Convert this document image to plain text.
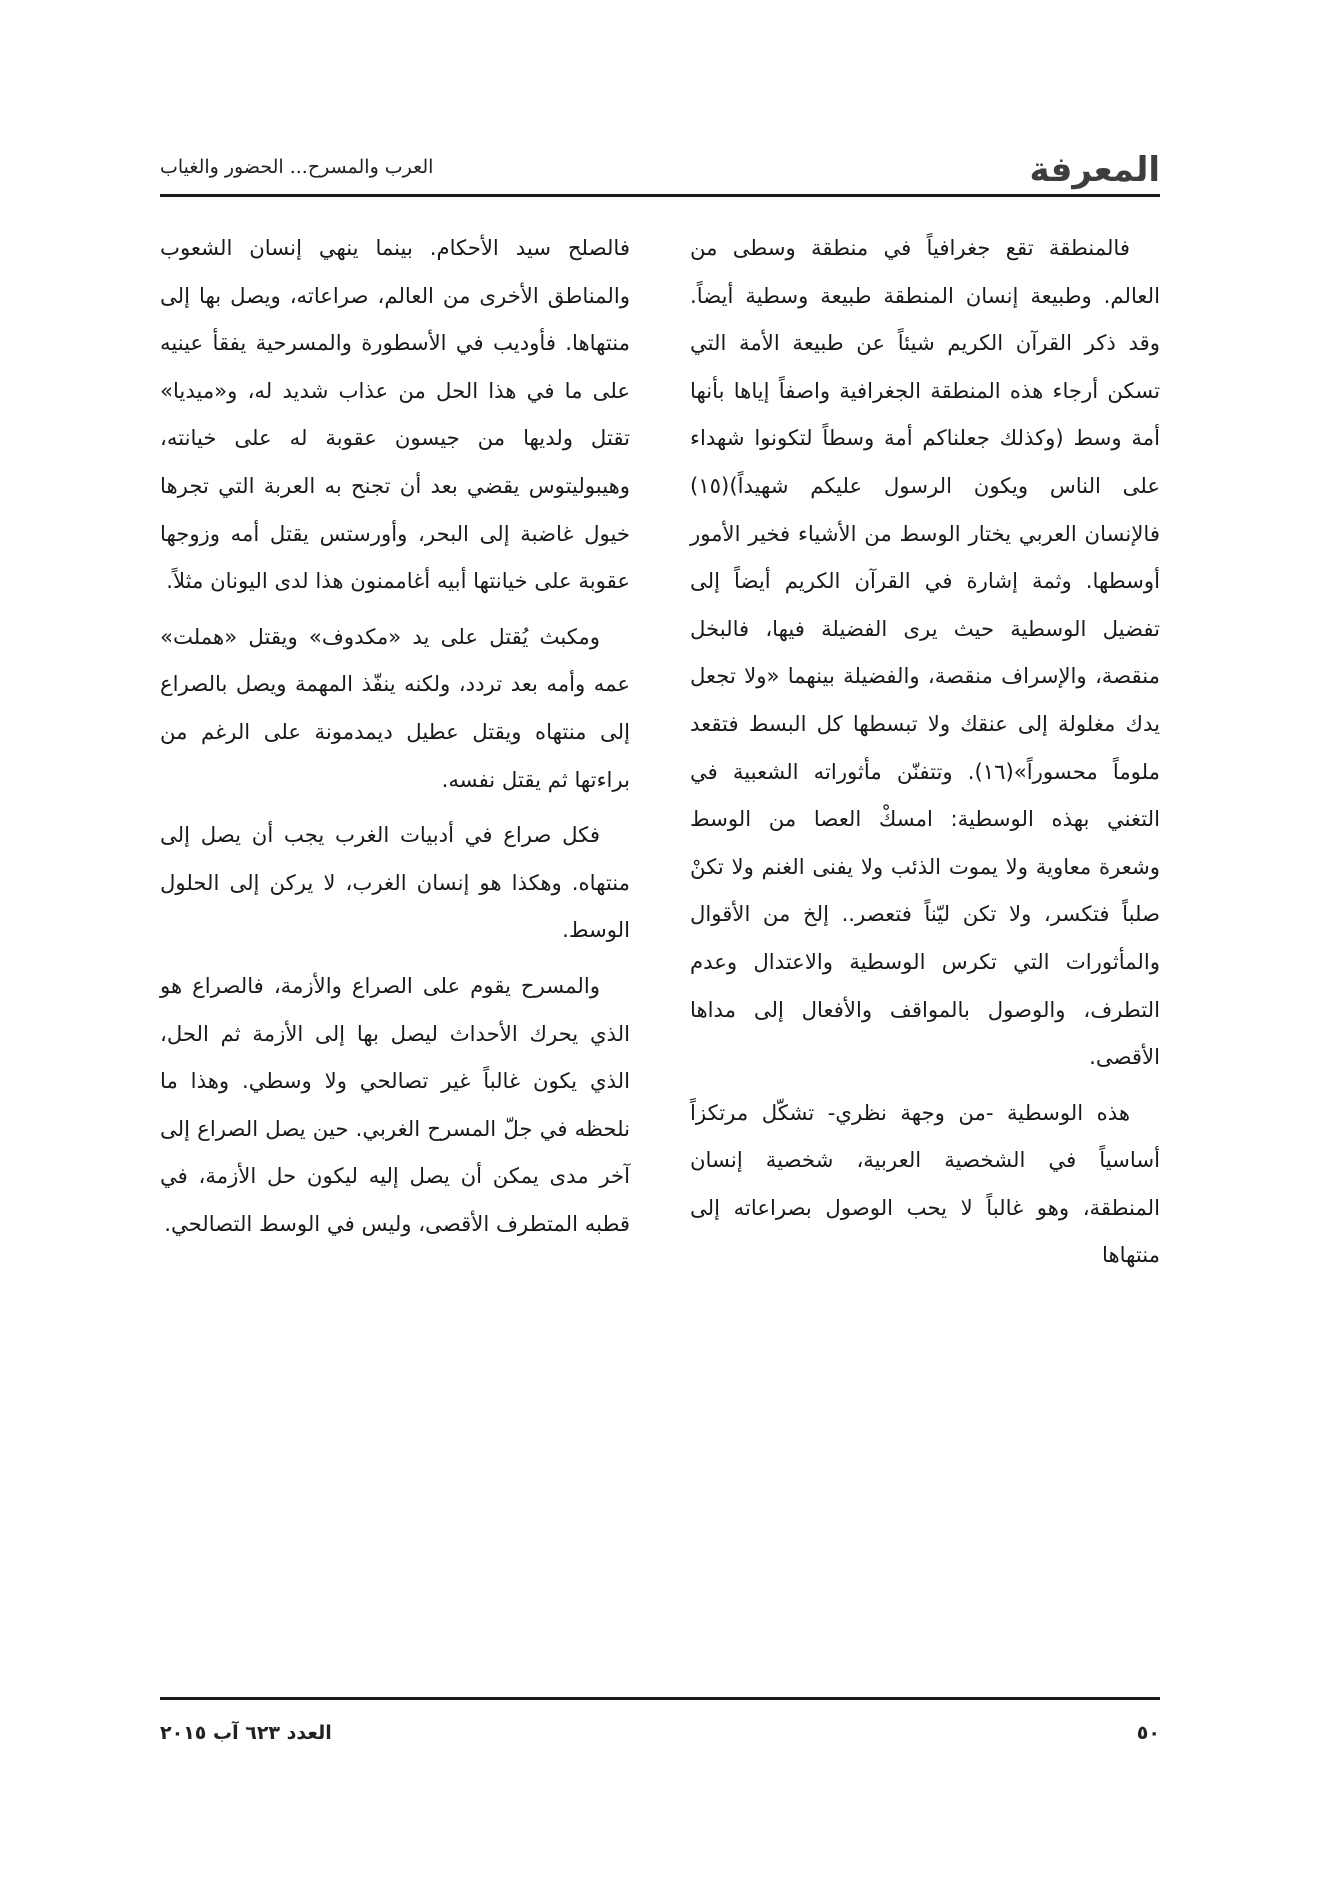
المعرفة
العرب والمسرح... الحضور والغياب

فالمنطقة تقع جغرافياً في منطقة وسطى من العالم. وطبيعة إنسان المنطقة طبيعة وسطية أيضاً. وقد ذكر القرآن الكريم شيئاً عن طبيعة الأمة التي تسكن أرجاء هذه المنطقة الجغرافية واصفاً إياها بأنها أمة وسط (وكذلك جعلناكم أمة وسطاً لتكونوا شهداء على الناس ويكون الرسول عليكم شهيداً)(١٥) فالإنسان العربي يختار الوسط من الأشياء فخير الأمور أوسطها. وثمة إشارة في القرآن الكريم أيضاً إلى تفضيل الوسطية حيث يرى الفضيلة فيها، فالبخل منقصة، والإسراف منقصة، والفضيلة بينهما «ولا تجعل يدك مغلولة إلى عنقك ولا تبسطها كل البسط فتقعد ملوماً محسوراً»(١٦). وتتفنّن مأثوراته الشعبية في التغني بهذه الوسطية: امسكْ العصا من الوسط وشعرة معاوية ولا يموت الذئب ولا يفنى الغنم ولا تكنْ صلباً فتكسر، ولا تكن ليّناً فتعصر.. إلخ من الأقوال والمأثورات التي تكرس الوسطية والاعتدال وعدم التطرف، والوصول بالمواقف والأفعال إلى مداها الأقصى.

هذه الوسطية -من وجهة نظري- تشكّل مرتكزاً أساسياً في الشخصية العربية، شخصية إنسان المنطقة، وهو غالباً لا يحب الوصول بصراعاته إلى منتهاها

فالصلح سيد الأحكام. بينما ينهي إنسان الشعوب والمناطق الأخرى من العالم، صراعاته، ويصل بها إلى منتهاها. فأوديب في الأسطورة والمسرحية يفقأ عينيه على ما في هذا الحل من عذاب شديد له، و«ميديا» تقتل ولديها من جيسون عقوبة له على خيانته، وهيبوليتوس يقضي بعد أن تجنح به العربة التي تجرها خيول غاضبة إلى البحر، وأورستس يقتل أمه وزوجها عقوبة على خيانتها أبيه أغاممنون هذا لدى اليونان مثلاً.

ومكبث يُقتل على يد «مكدوف» ويقتل «هملت» عمه وأمه بعد تردد، ولكنه ينفّذ المهمة ويصل بالصراع إلى منتهاه ويقتل عطيل ديمدمونة على الرغم من براءتها ثم يقتل نفسه.

فكل صراع في أدبيات الغرب يجب أن يصل إلى منتهاه. وهكذا هو إنسان الغرب، لا يركن إلى الحلول الوسط.

والمسرح يقوم على الصراع والأزمة، فالصراع هو الذي يحرك الأحداث ليصل بها إلى الأزمة ثم الحل، الذي يكون غالباً غير تصالحي ولا وسطي. وهذا ما نلحظه في جلّ المسرح الغربي. حين يصل الصراع إلى آخر مدى يمكن أن يصل إليه ليكون حل الأزمة، في قطبه المتطرف الأقصى، وليس في الوسط التصالحي.

٥٠
العدد ٦٢٣ آب ٢٠١٥
